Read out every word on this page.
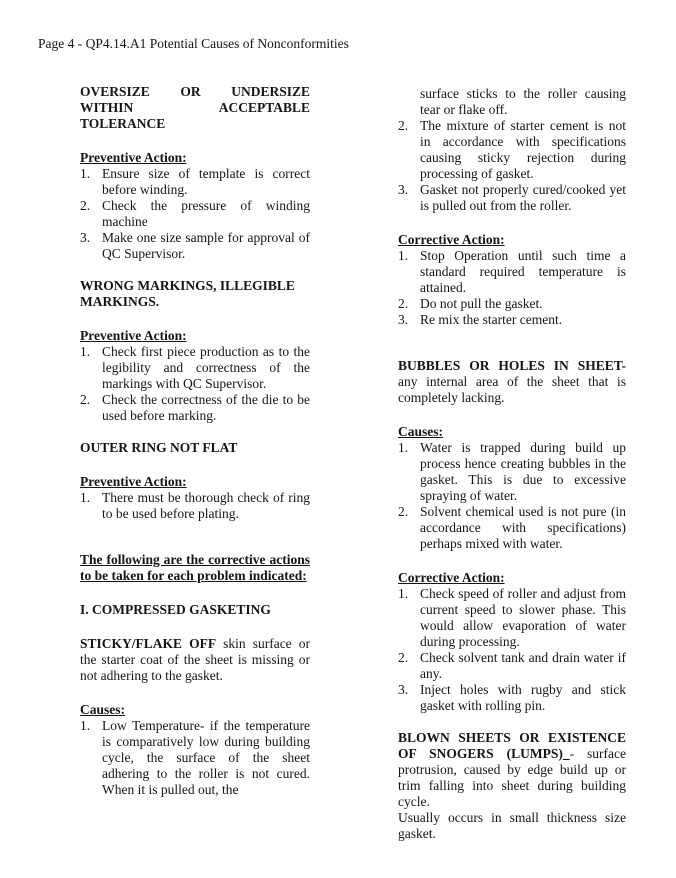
Page 4 - QP4.14.A1 Potential Causes of Nonconformities
OVERSIZE OR UNDERSIZE
WITHIN	ACCEPTABLE
TOLERANCE
Preventive Action:
1. Ensure size of template is correct before winding.
2. Check the pressure of winding machine
3. Make one size sample for approval of QC Supervisor.
WRONG MARKINGS, ILLEGIBLE MARKINGS.
Preventive Action:
1. Check first piece production as to the legibility and correctness of the markings with QC Supervisor.
2. Check the correctness of the die to be used before marking.
OUTER RING NOT FLAT
Preventive Action:
1. There must be thorough check of ring to be used before plating.
The following are the corrective actions to be taken for each problem indicated:
I. COMPRESSED GASKETING
STICKY/FLAKE OFF skin surface or the starter coat of the sheet is missing or not adhering to the gasket.
Causes:
1. Low Temperature- if the temperature is comparatively low during building cycle, the surface of the sheet adhering to the roller is not cured. When it is pulled out, the
surface sticks to the roller causing tear or flake off.
2. The mixture of starter cement is not in accordance with specifications causing sticky rejection during processing of gasket.
3. Gasket not properly cured/cooked yet is pulled out from the roller.
Corrective Action:
1. Stop Operation until such time a standard required temperature is attained.
2. Do not pull the gasket.
3. Re mix the starter cement.
BUBBLES OR HOLES IN SHEET- any internal area of the sheet that is completely lacking.
Causes:
1. Water is trapped during build up process hence creating bubbles in the gasket. This is due to excessive spraying of water.
2. Solvent chemical used is not pure (in accordance with specifications) perhaps mixed with water.
Corrective Action:
1. Check speed of roller and adjust from current speed to slower phase. This would allow evaporation of water during processing.
2. Check solvent tank and drain water if any.
3. Inject holes with rugby and stick gasket with rolling pin.
BLOWN SHEETS OR EXISTENCE OF SNOGERS (LUMPS)_- surface protrusion, caused by edge build up or trim falling into sheet during building cycle.
Usually occurs in small thickness size gasket.
